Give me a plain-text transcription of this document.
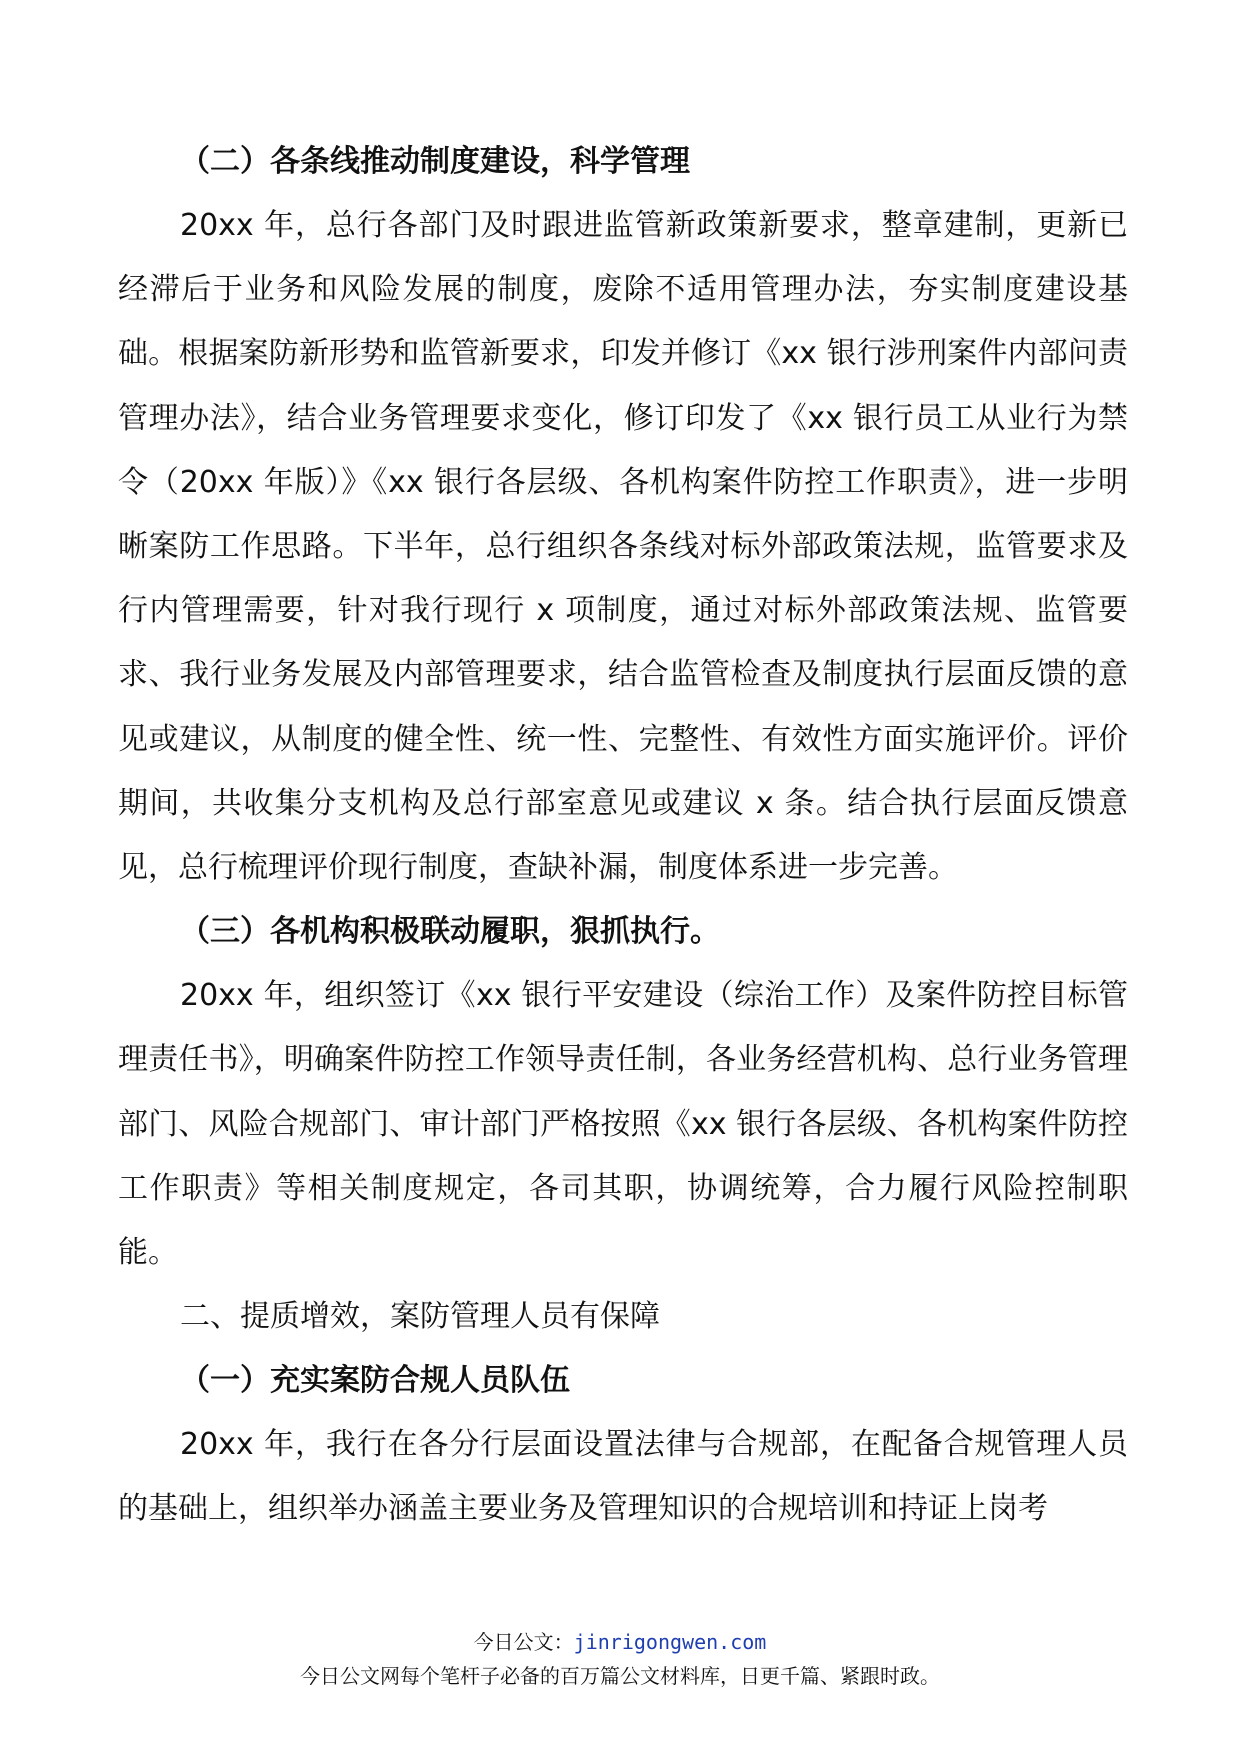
（二）各条线推动制度建设，科学管理

20xx 年，总行各部门及时跟进监管新政策新要求，整章建制，更新已经滞后于业务和风险发展的制度，废除不适用管理办法，夯实制度建设基础。根据案防新形势和监管新要求，印发并修订《xx 银行涉刑案件内部问责管理办法》，结合业务管理要求变化，修订印发了《xx 银行员工从业行为禁令（20xx 年版）》《xx 银行各层级、各机构案件防控工作职责》，进一步明晰案防工作思路。下半年，总行组织各条线对标外部政策法规，监管要求及行内管理需要，针对我行现行 x 项制度，通过对标外部政策法规、监管要求、我行业务发展及内部管理要求，结合监管检查及制度执行层面反馈的意见或建议，从制度的健全性、统一性、完整性、有效性方面实施评价。评价期间，共收集分支机构及总行部室意见或建议 x 条。结合执行层面反馈意见，总行梳理评价现行制度，查缺补漏，制度体系进一步完善。

（三）各机构积极联动履职，狠抓执行。

20xx 年，组织签订《xx 银行平安建设（综治工作）及案件防控目标管理责任书》，明确案件防控工作领导责任制，各业务经营机构、总行业务管理部门、风险合规部门、审计部门严格按照《xx 银行各层级、各机构案件防控工作职责》等相关制度规定，各司其职，协调统筹，合力履行风险控制职能。

二、提质增效，案防管理人员有保障
（一）充实案防合规人员队伍

20xx 年，我行在各分行层面设置法律与合规部，在配备合规管理人员的基础上，组织举办涵盖主要业务及管理知识的合规培训和持证上岗考

今日公文：jinrigongwen.com
今日公文网每个笔杆子必备的百万篇公文材料库，日更千篇、紧跟时政。
